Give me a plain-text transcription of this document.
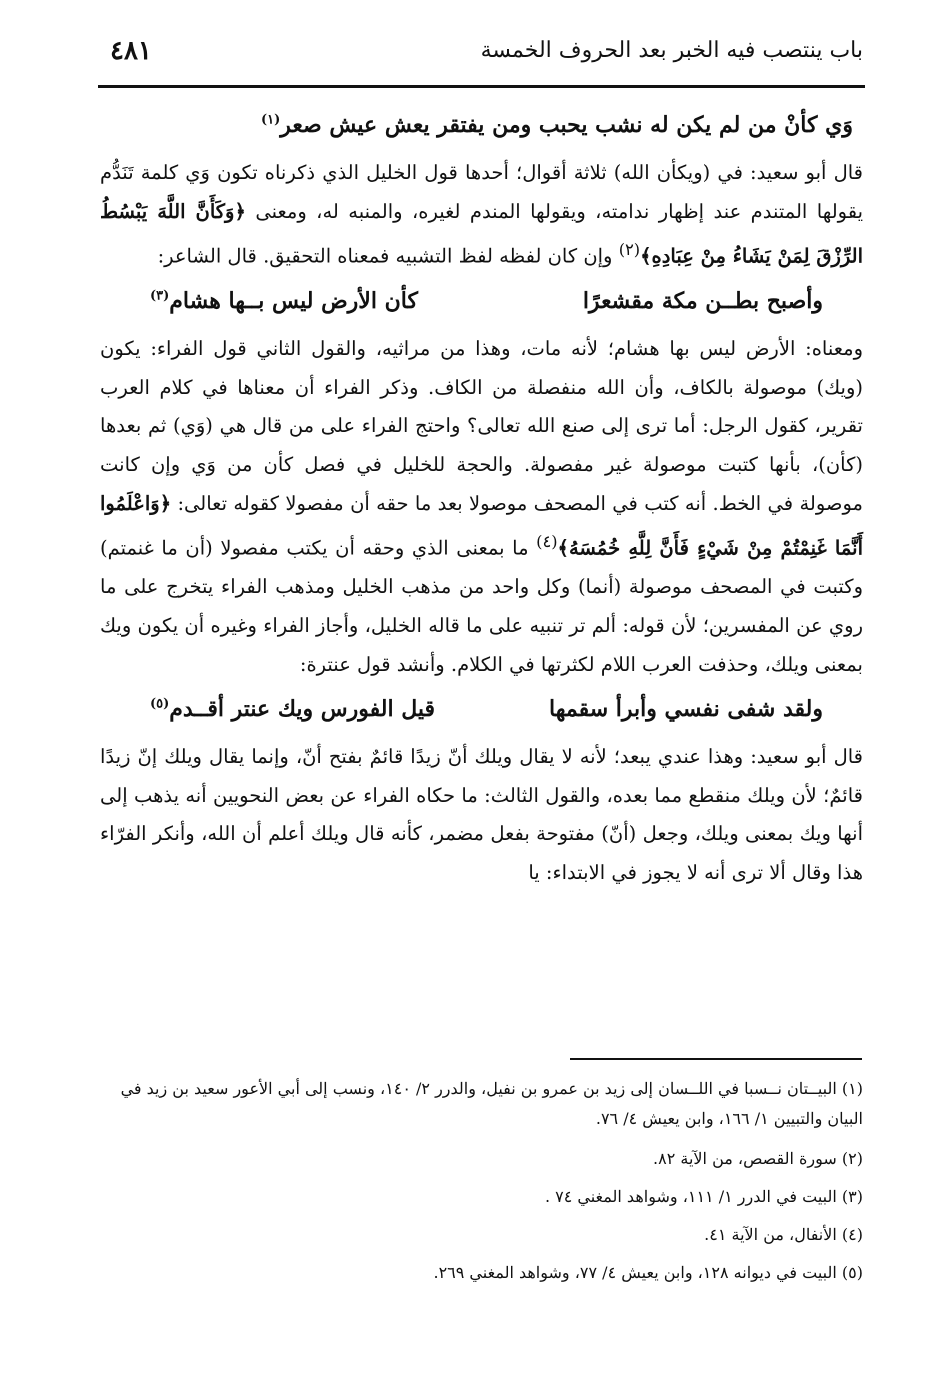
باب ينتصب فيه الخبر بعد الحروف الخمسة
٤٨١
وَي كأنْ من لم يكن له نشب يحبب ومن يفتقر يعش عيش صعر$^{(١)}$

قال أبو سعيد: في (ويكأن الله) ثلاثة أقوال؛ أحدها قول الخليل الذي ذكرناه تكون وَي كلمة تَنَدُّم يقولها المتندم عند إظهار ندامته، ويقولها المندم لغيره، والمنبه له، ومعنى ﴿وَكَأَنَّ اللَّهَ يَبْسُطُ الرِّزْقَ لِمَنْ يَشَاءُ مِنْ عِبَادِهِ﴾$^{(٢)}$ وإن كان لفظه لفظ التشبيه فمعناه التحقيق. قال الشاعر:

وأصبح بطــن مكة مقشعرًا
كأن الأرض ليس بــها هشام$^{(٣)}$

ومعناه: الأرض ليس بها هشام؛ لأنه مات، وهذا من مراثيه، والقول الثاني قول الفراء: يكون (ويك) موصولة بالكاف، وأن الله منفصلة من الكاف. وذكر الفراء أن معناها في كلام العرب تقرير، كقول الرجل: أما ترى إلى صنع الله تعالى؟ واحتج الفراء على من قال هي (وَي) ثم بعدها (كأن)، بأنها كتبت موصولة غير مفصولة. والحجة للخليل في فصل كأن من وَي وإن كانت موصولة في الخط. أنه كتب في المصحف موصولا بعد ما حقه أن مفصولا كقوله تعالى: ﴿وَاعْلَمُوا أَنَّمَا غَنِمْتُمْ مِنْ شَيْءٍ فَأَنَّ لِلَّهِ خُمُسَهُ﴾$^{(٤)}$ ما بمعنى الذي وحقه أن يكتب مفصولا (أن ما غنمتم) وكتبت في المصحف موصولة (أنما) وكل واحد من مذهب الخليل ومذهب الفراء يتخرج على ما روي عن المفسرين؛ لأن قوله: ألم تر تنبيه على ما قاله الخليل، وأجاز الفراء وغيره أن يكون ويك بمعنى ويلك، وحذفت العرب اللام لكثرتها في الكلام. وأنشد قول عنترة:

ولقد شفى نفسي وأبرأ سقمها
قيل الفورس ويك عنتر أقــدم$^{(٥)}$

قال أبو سعيد: وهذا عندي يبعد؛ لأنه لا يقال ويلك أنّ زيدًا قائمٌ بفتح أنّ، وإنما يقال ويلك إنّ زيدًا قائمٌ؛ لأن ويلك منقطع مما بعده، والقول الثالث: ما حكاه الفراء عن بعض النحويين أنه يذهب إلى أنها ويك بمعنى ويلك، وجعل (أنّ) مفتوحة بفعل مضمر، كأنه قال ويلك أعلم أن الله، وأنكر الفرّاء هذا وقال ألا ترى أنه لا يجوز في الابتداء: يا

(١) البيــتان نــسبا في اللــسان إلى زيد بن عمرو بن نفيل، والدرر ٢/ ١٤٠، ونسب إلى أبي الأعور سعيد بن زيد في البيان والتبيين ١/ ١٦٦، وابن يعيش ٤/ ٧٦.
(٢) سورة القصص، من الآية ٨٢.
(٣) البيت في الدرر ١/ ١١١، وشواهد المغني ٧٤ .
(٤) الأنفال، من الآية ٤١.
(٥) البيت في ديوانه ١٢٨، وابن يعيش ٤/ ٧٧، وشواهد المغني ٢٦٩.
